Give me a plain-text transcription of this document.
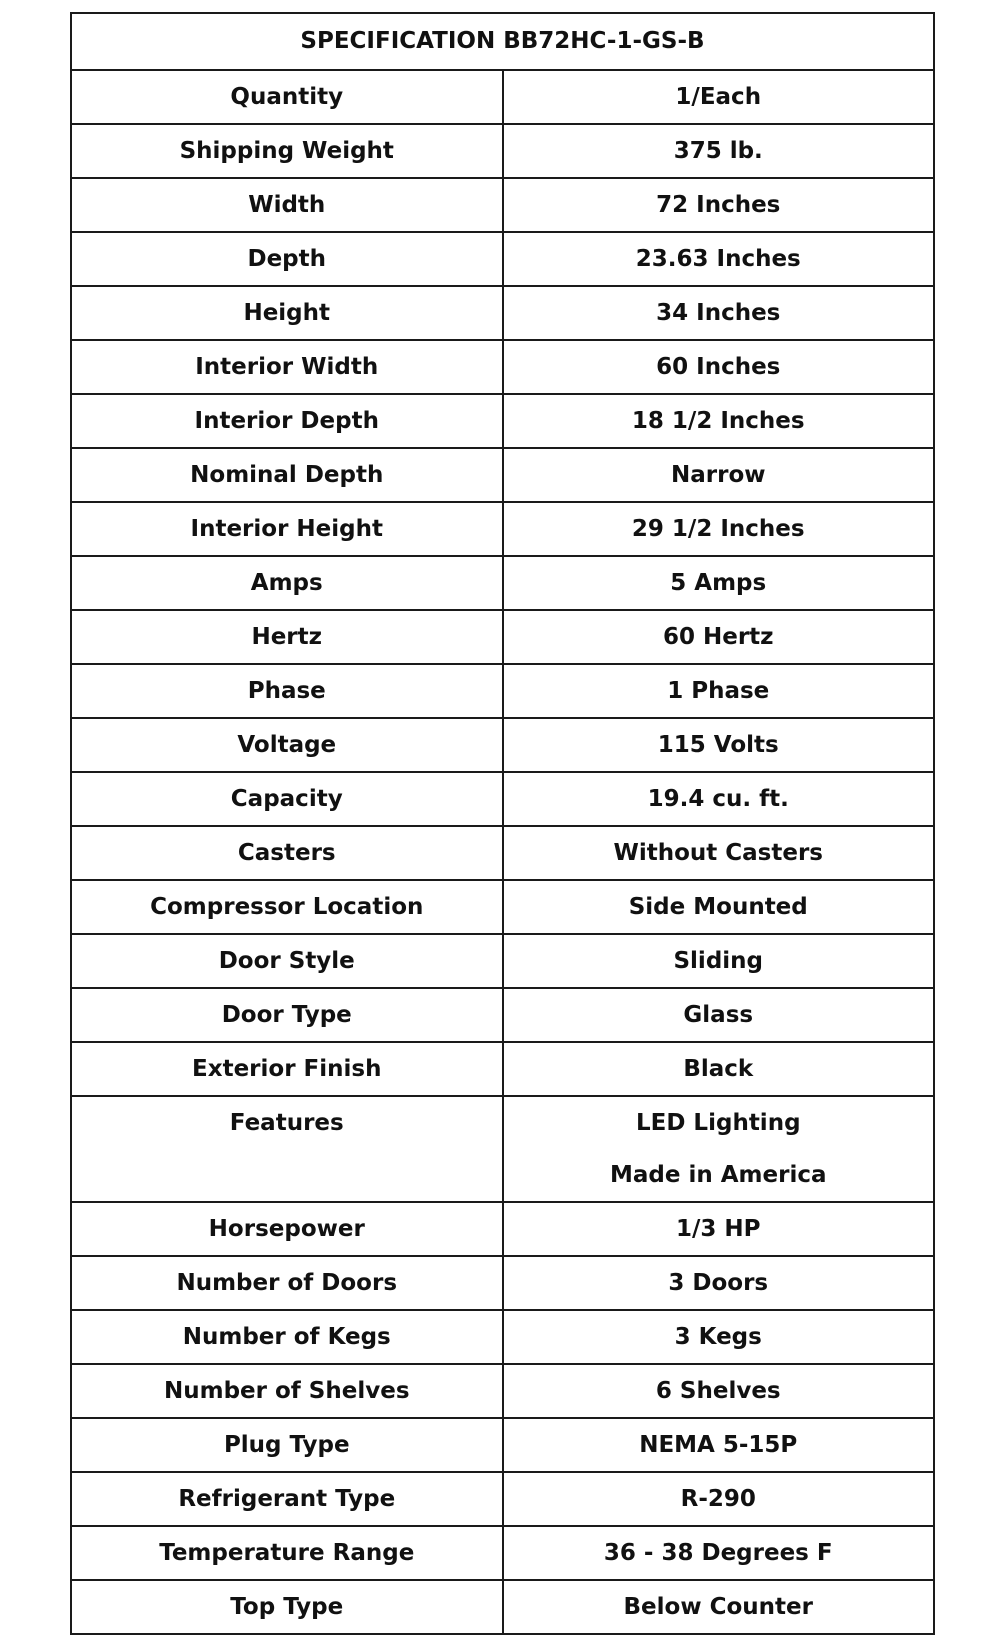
SPECIFICATION BB72HC-1-GS-B	
Quantity	1/Each
Shipping Weight	375 lb.
Width	72 Inches
Depth	23.63 Inches
Height	34 Inches
Interior Width	60 Inches
Interior Depth	18 1/2 Inches
Nominal Depth	Narrow
Interior Height	29 1/2 Inches
Amps	5 Amps
Hertz	60 Hertz
Phase	1 Phase
Voltage	115 Volts
Capacity	19.4 cu. ft.
Casters	Without Casters
Compressor Location	Side Mounted
Door Style	Sliding
Door Type	Glass
Exterior Finish	Black
Features	LED Lighting
Made in America

Horsepower	1/3 HP
Number of Doors	3 Doors
Number of Kegs	3 Kegs
Number of Shelves	6 Shelves
Plug Type	NEMA 5-15P
Refrigerant Type	R-290
Temperature Range	36 - 38 Degrees F
Top Type	Below Counter
